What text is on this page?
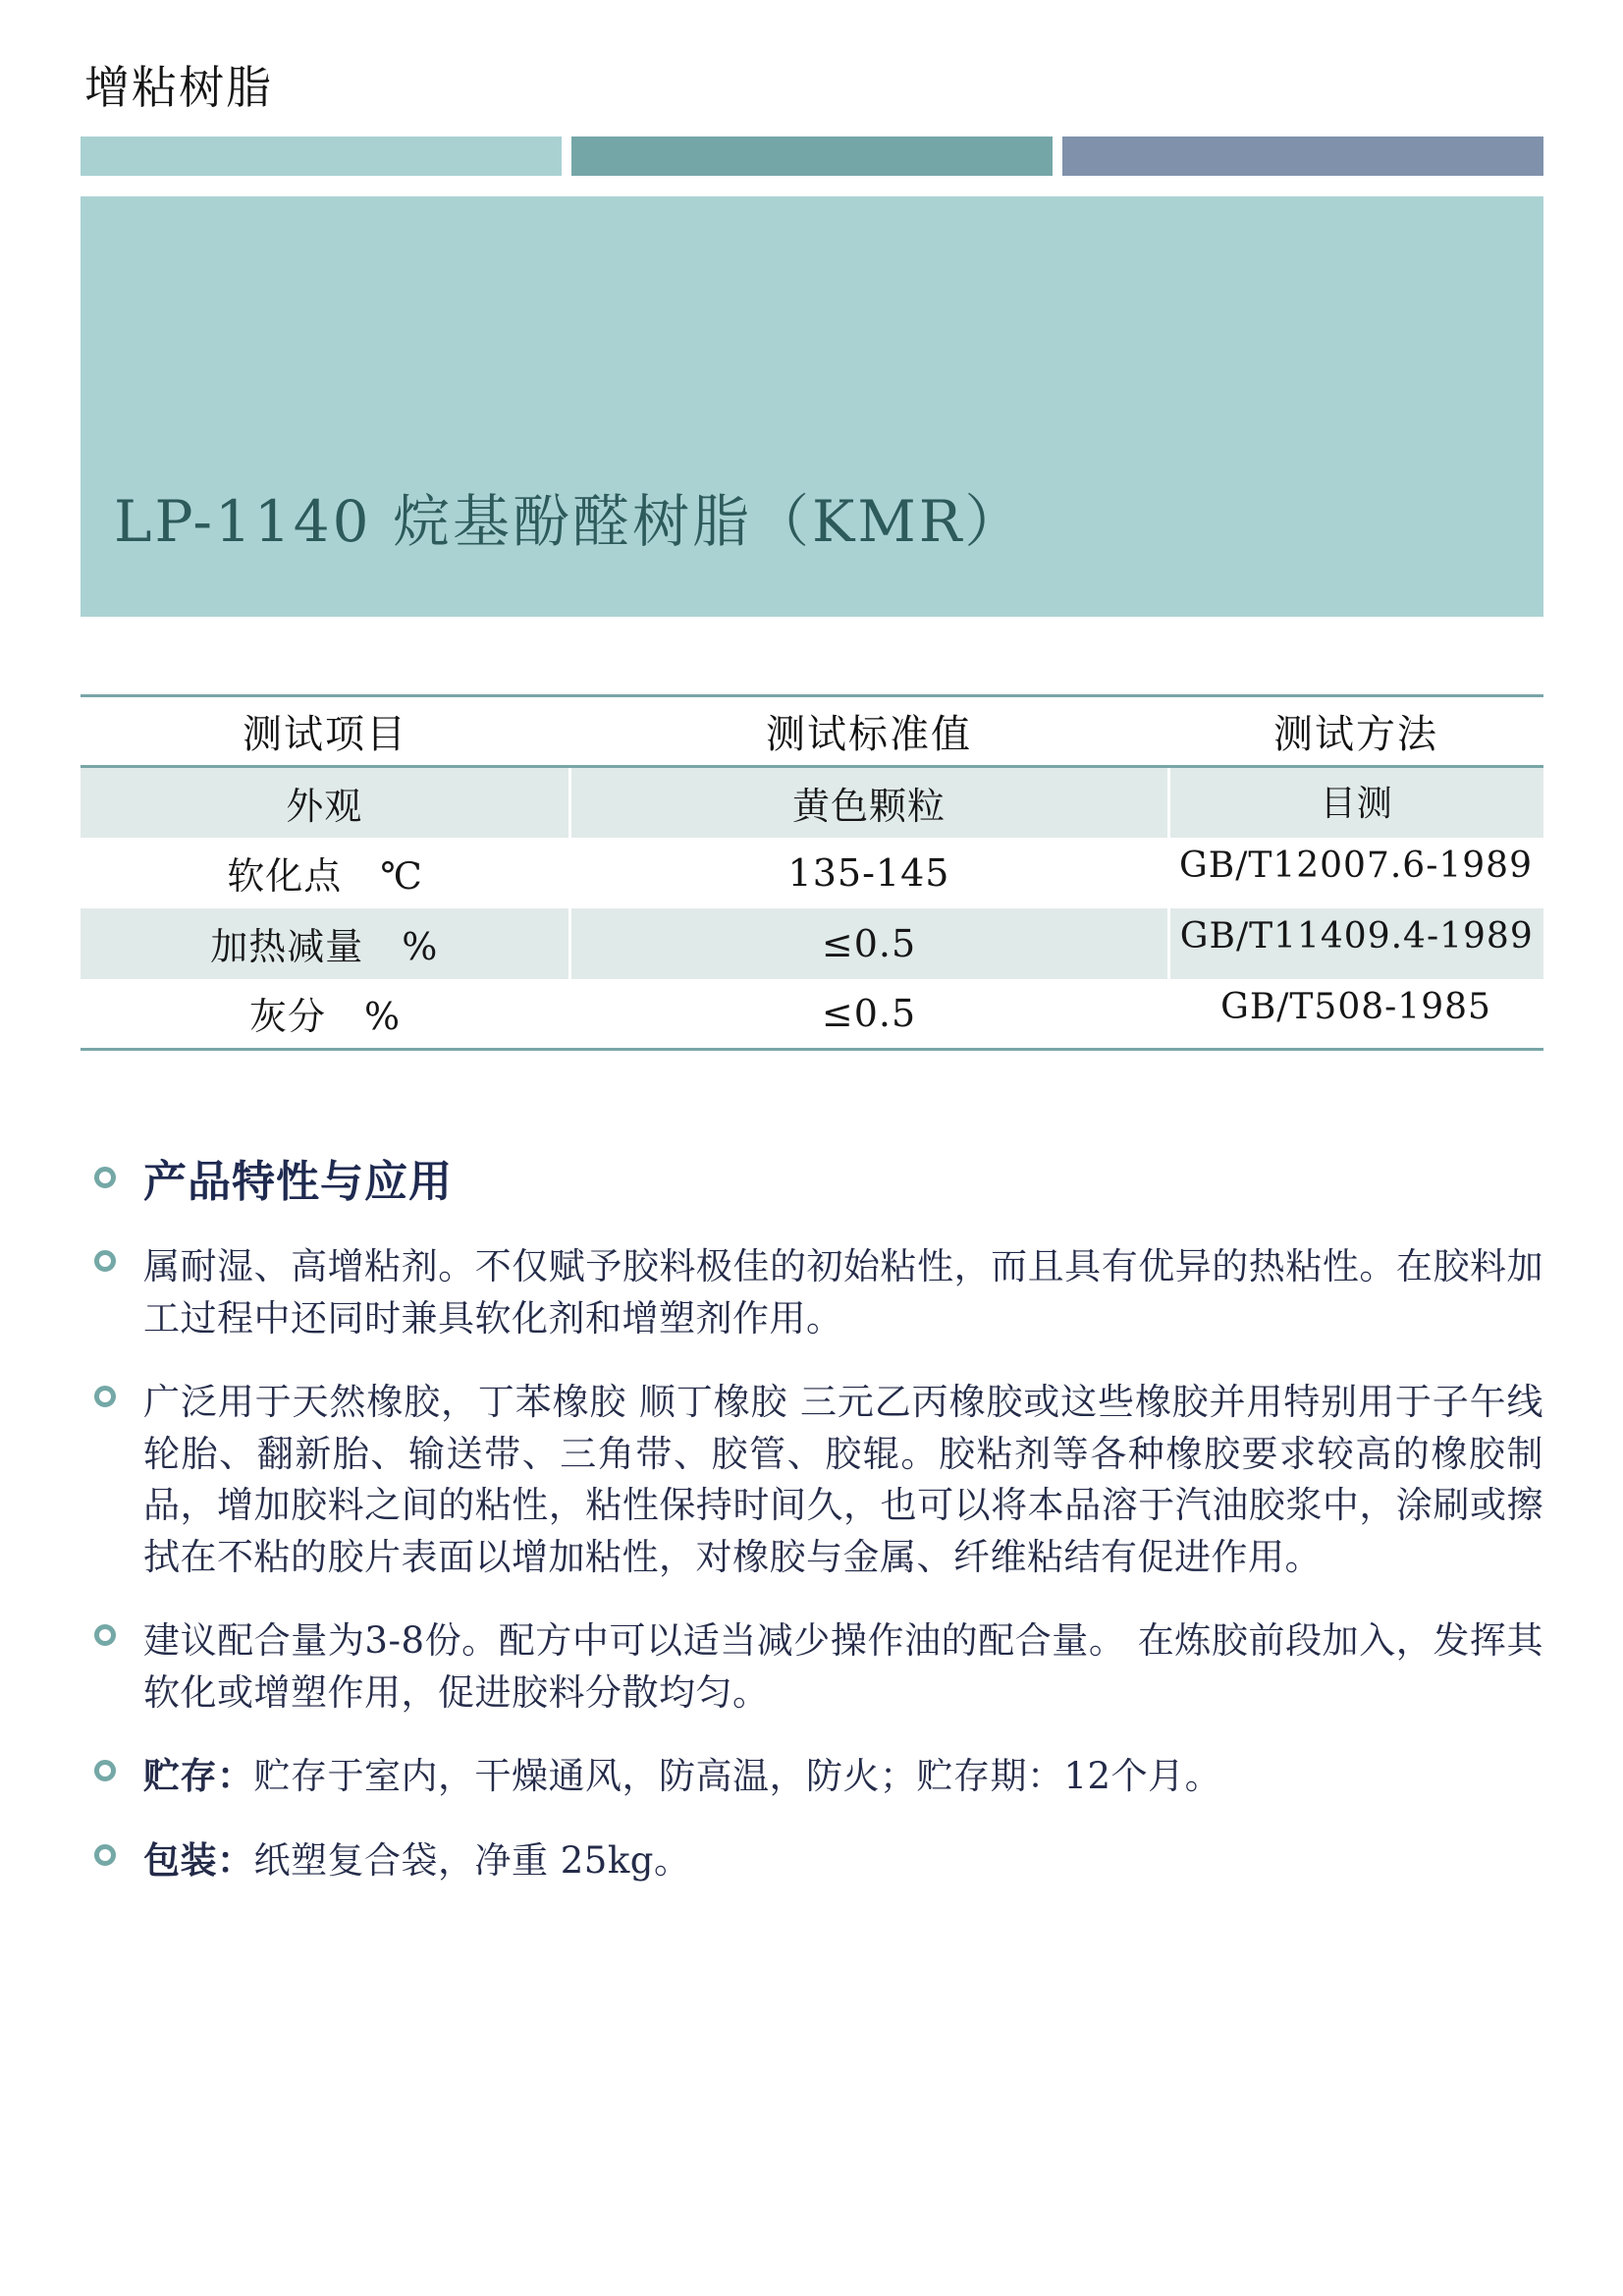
增粘树脂
LP-1140 烷基酚醛树脂（KMR）
测试项目	测试标准值	测试方法
外观	黄色颗粒	目测
软化点　℃	135-145	GB/T12007.6-1989
加热减量　%	≤0.5	GB/T11409.4-1989
灰分　%	≤0.5	GB/T508-1985
产品特性与应用
属耐湿、高增粘剂。不仅赋予胶料极佳的初始粘性，而且具有优异的热粘性。在胶料加工过程中还同时兼具软化剂和增塑剂作用。
广泛用于天然橡胶，丁苯橡胶 顺丁橡胶 三元乙丙橡胶或这些橡胶并用特别用于子午线轮胎、翻新胎、输送带、三角带、胶管、胶辊。胶粘剂等各种橡胶要求较高的橡胶制品，增加胶料之间的粘性，粘性保持时间久，也可以将本品溶于汽油胶浆中，涂刷或擦拭在不粘的胶片表面以增加粘性，对橡胶与金属、纤维粘结有促进作用。
建议配合量为3-8份。配方中可以适当减少操作油的配合量。 在炼胶前段加入，发挥其软化或增塑作用，促进胶料分散均匀。
贮存：贮存于室内，干燥通风，防高温，防火；贮存期：12个月。
包装：纸塑复合袋，净重 25kg。
